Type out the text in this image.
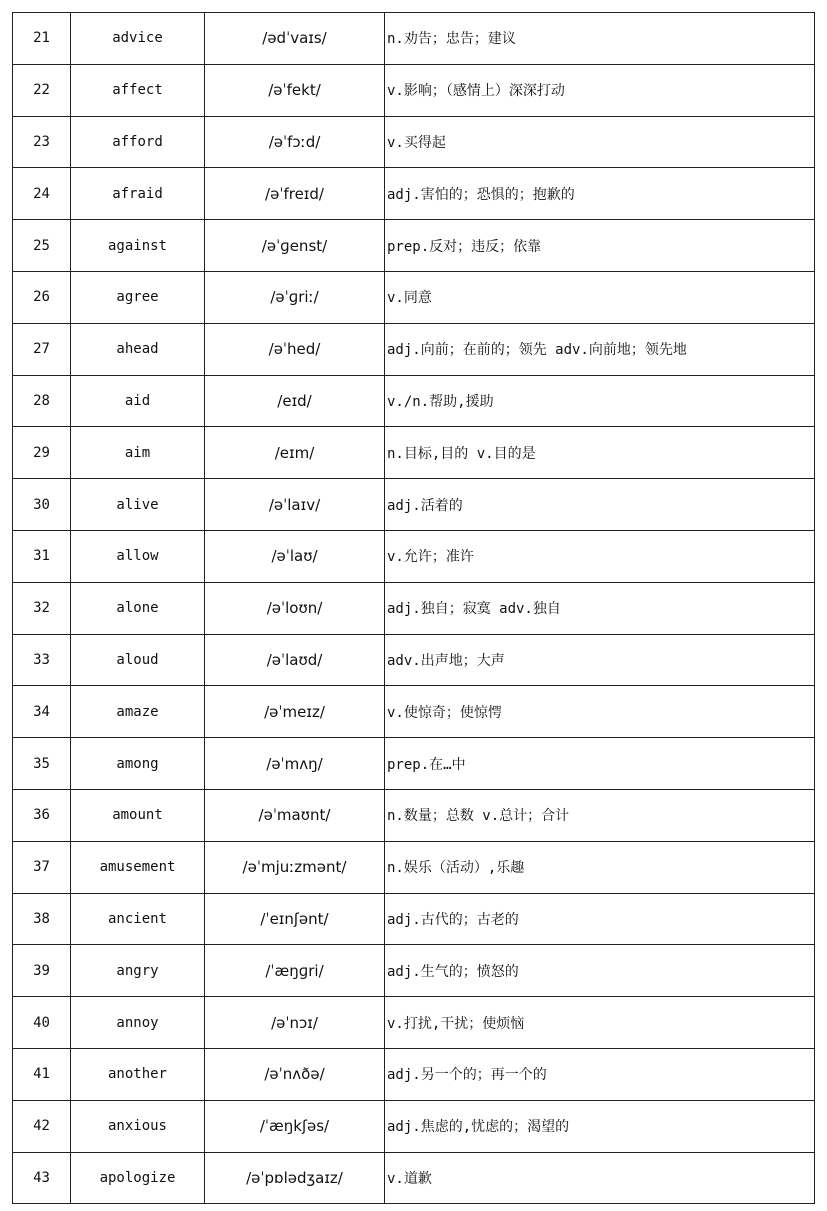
21	advice	/ədˈvaɪs/	n.劝告；忠告；建议
22	affect	/əˈfekt/	v.影响；（感情上）深深打动
23	afford	/əˈfɔːd/	v.买得起
24	afraid	/əˈfreɪd/	adj.害怕的；恐惧的；抱歉的
25	against	/əˈɡenst/	prep.反对；违反；依靠
26	agree	/əˈɡriː/	v.同意
27	ahead	/əˈhed/	adj.向前；在前的；领先 adv.向前地；领先地
28	aid	/eɪd/	v./n.帮助,援助
29	aim	/eɪm/	n.目标,目的 v.目的是
30	alive	/əˈlaɪv/	adj.活着的
31	allow	/əˈlaʊ/	v.允许；准许
32	alone	/əˈloʊn/	adj.独自；寂寞 adv.独自
33	aloud	/əˈlaʊd/	adv.出声地；大声
34	amaze	/əˈmeɪz/	v.使惊奇；使惊愕
35	among	/əˈmʌŋ/	prep.在…中
36	amount	/əˈmaʊnt/	n.数量；总数 v.总计；合计
37	amusement	/əˈmjuːzmənt/	n.娱乐（活动）,乐趣
38	ancient	/ˈeɪnʃənt/	adj.古代的；古老的
39	angry	/ˈæŋɡri/	adj.生气的；愤怒的
40	annoy	/əˈnɔɪ/	v.打扰,干扰；使烦恼
41	another	/əˈnʌðə/	adj.另一个的；再一个的
42	anxious	/ˈæŋkʃəs/	adj.焦虑的,忧虑的；渴望的
43	apologize	/əˈpɒlədʒaɪz/	v.道歉
